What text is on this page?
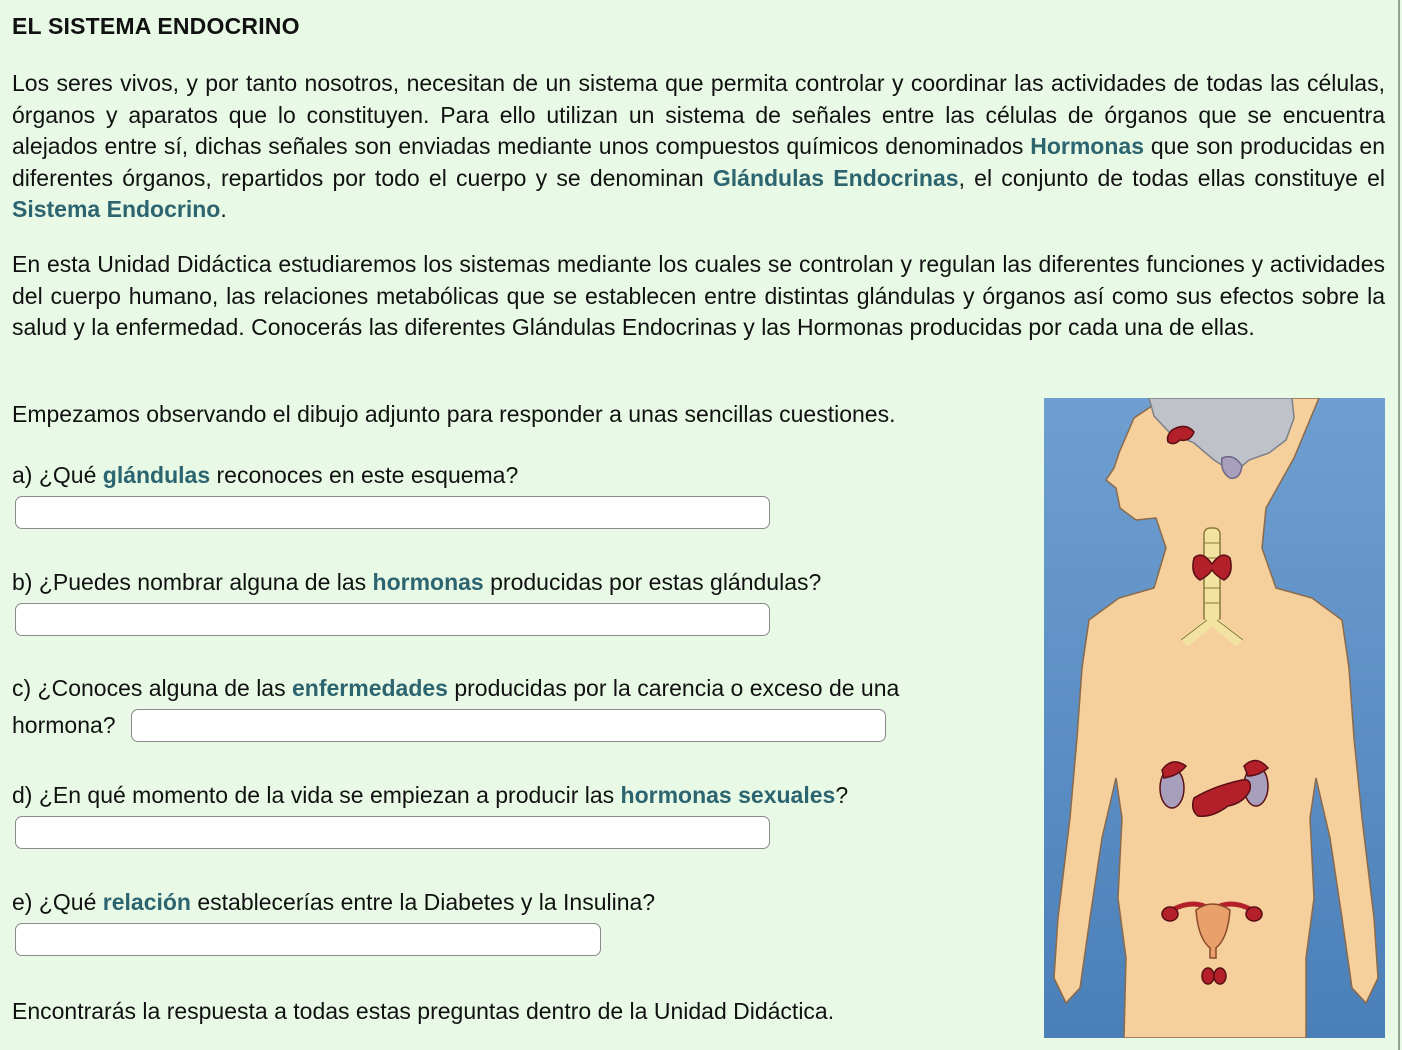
EL SISTEMA ENDOCRINO

Los seres vivos, y por tanto nosotros, necesitan de un sistema que permita controlar y coordinar las actividades de todas las células, órganos y aparatos que lo constituyen. Para ello utilizan un sistema de señales entre las células de órganos que se encuentra alejados entre sí, dichas señales son enviadas mediante unos compuestos químicos denominados Hormonas que son producidas en diferentes órganos, repartidos por todo el cuerpo y se denominan Glándulas Endocrinas, el conjunto de todas ellas constituye el Sistema Endocrino.

En esta Unidad Didáctica estudiaremos los sistemas mediante los cuales se controlan y regulan las diferentes funciones y actividades del cuerpo humano, las relaciones metabólicas que se establecen entre distintas glándulas y órganos así como sus efectos sobre la salud y la enfermedad. Conocerás las diferentes Glándulas Endocrinas y las Hormonas producidas por cada una de ellas.

Empezamos observando el dibujo adjunto para responder a unas sencillas cuestiones.
a) ¿Qué glándulas reconoces en este esquema?
b) ¿Puedes nombrar alguna de las hormonas producidas por estas glándulas?
c) ¿Conoces alguna de las enfermedades producidas por la carencia o exceso de una
hormona?
d) ¿En qué momento de la vida se empiezan a producir las hormonas sexuales?
e) ¿Qué relación establecerías entre la Diabetes y la Insulina?
Encontrarás la respuesta a todas estas preguntas dentro de la Unidad Didáctica.
